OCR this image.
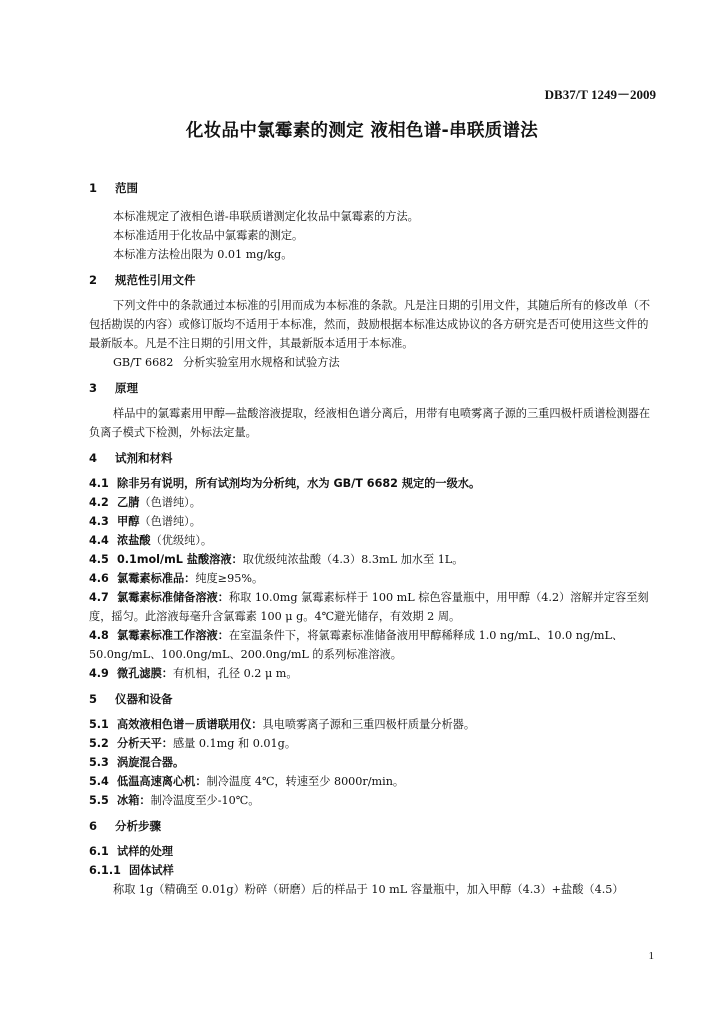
DB37/T 1249－2009
化妆品中氯霉素的测定 液相色谱-串联质谱法
1 范围
本标准规定了液相色谱-串联质谱测定化妆品中氯霉素的方法。
本标准适用于化妆品中氯霉素的测定。
本标准方法检出限为 0.01 mg/kg。
2 规范性引用文件
下列文件中的条款通过本标准的引用而成为本标准的条款。凡是注日期的引用文件，其随后所有的修改单（不包括勘误的内容）或修订版均不适用于本标准，然而，鼓励根据本标准达成协议的各方研究是否可使用这些文件的最新版本。凡是不注日期的引用文件，其最新版本适用于本标准。
GB/T 6682 分析实验室用水规格和试验方法
3 原理
样品中的氯霉素用甲醇—盐酸溶液提取，经液相色谱分离后，用带有电喷雾离子源的三重四极杆质谱检测器在负离子模式下检测，外标法定量。
4 试剂和材料
4.1 除非另有说明，所有试剂均为分析纯，水为 GB/T 6682 规定的一级水。
4.2 乙腈（色谱纯）。
4.3 甲醇（色谱纯）。
4.4 浓盐酸（优级纯）。
4.5 0.1mol/mL 盐酸溶液：取优级纯浓盐酸（4.3）8.3mL 加水至 1L。
4.6 氯霉素标准品：纯度≥95%。
4.7 氯霉素标准储备溶液：称取 10.0mg 氯霉素标样于 100 mL 棕色容量瓶中，用甲醇（4.2）溶解并定容至刻度，摇匀。此溶液每毫升含氯霉素 100 μ g。4℃避光储存，有效期 2 周。
4.8 氯霉素标准工作溶液：在室温条件下，将氯霉素标准储备液用甲醇稀释成 1.0 ng/mL、10.0 ng/mL、50.0ng/mL、100.0ng/mL、200.0ng/mL 的系列标准溶液。
4.9 微孔滤膜：有机相，孔径 0.2 μ m。
5 仪器和设备
5.1 高效液相色谱－质谱联用仪：具电喷雾离子源和三重四极杆质量分析器。
5.2 分析天平：感量 0.1mg 和 0.01g。
5.3 涡旋混合器。
5.4 低温高速离心机：制冷温度 4℃，转速至少 8000r/min。
5.5 冰箱：制冷温度至少-10℃。
6 分析步骤
6.1 试样的处理
6.1.1 固体试样
称取 1g（精确至 0.01g）粉碎（研磨）后的样品于 10 mL 容量瓶中，加入甲醇（4.3）+盐酸（4.5）
1
